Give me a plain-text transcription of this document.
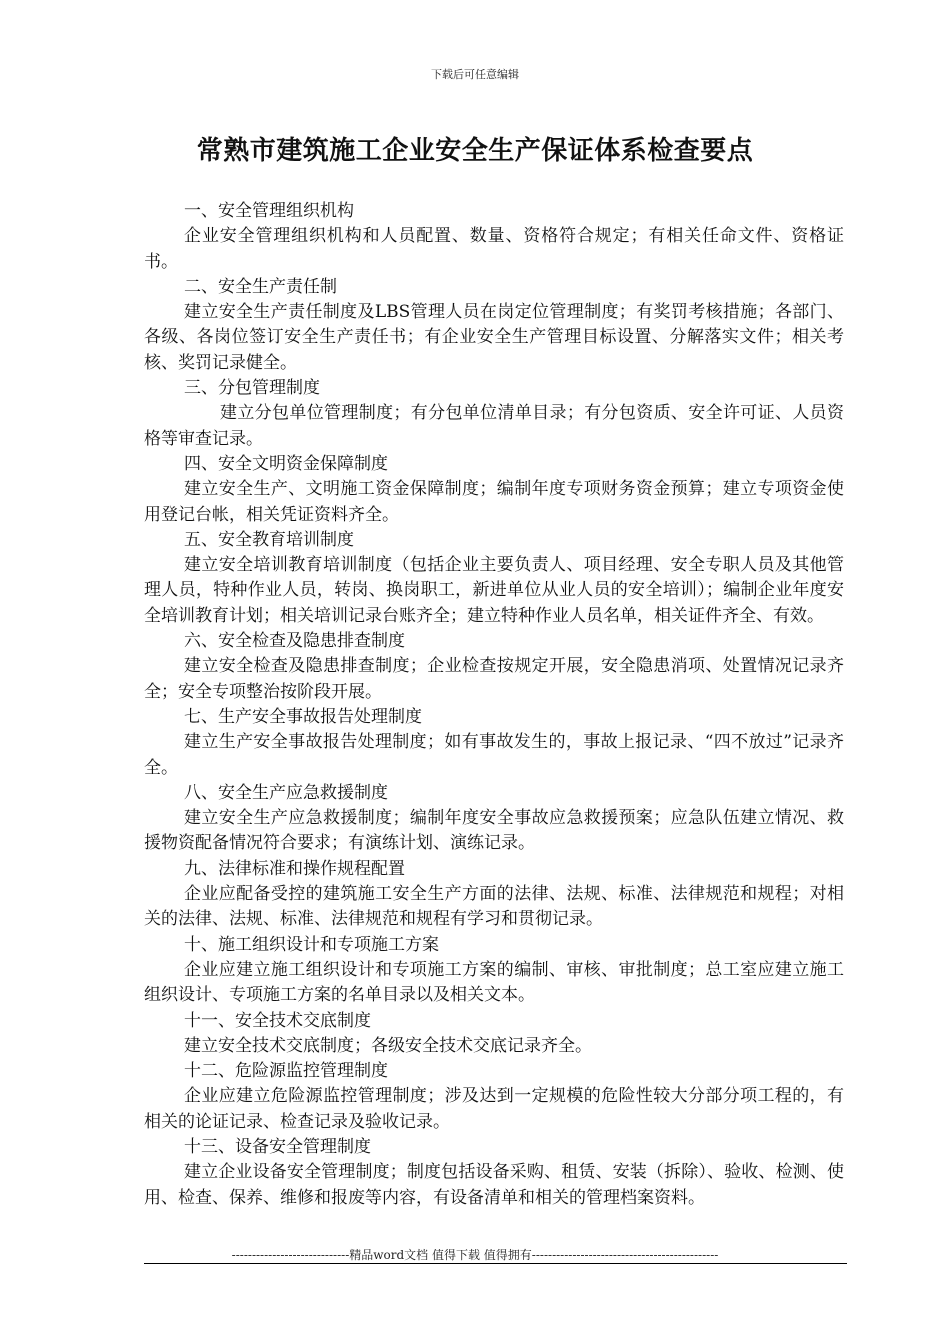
下载后可任意编辑
常熟市建筑施工企业安全生产保证体系检查要点

一、安全管理组织机构

企业安全管理组织机构和人员配置、数量、资格符合规定；有相关任命文件、资格证书。

二、安全生产责任制

建立安全生产责任制度及LBS管理人员在岗定位管理制度；有奖罚考核措施；各部门、各级、各岗位签订安全生产责任书；有企业安全生产管理目标设置、分解落实文件；相关考核、奖罚记录健全。

三、分包管理制度

建立分包单位管理制度；有分包单位清单目录；有分包资质、安全许可证、人员资格等审查记录。

四、安全文明资金保障制度

建立安全生产、文明施工资金保障制度；编制年度专项财务资金预算；建立专项资金使用登记台帐，相关凭证资料齐全。

五、安全教育培训制度

建立安全培训教育培训制度（包括企业主要负责人、项目经理、安全专职人员及其他管理人员，特种作业人员，转岗、换岗职工，新进单位从业人员的安全培训）；编制企业年度安全培训教育计划；相关培训记录台账齐全；建立特种作业人员名单，相关证件齐全、有效。

六、安全检查及隐患排查制度

建立安全检查及隐患排查制度；企业检查按规定开展，安全隐患消项、处置情况记录齐全；安全专项整治按阶段开展。

七、生产安全事故报告处理制度

建立生产安全事故报告处理制度；如有事故发生的，事故上报记录、“四不放过”记录齐全。

八、安全生产应急救援制度

建立安全生产应急救援制度；编制年度安全事故应急救援预案；应急队伍建立情况、救援物资配备情况符合要求；有演练计划、演练记录。

九、法律标准和操作规程配置

企业应配备受控的建筑施工安全生产方面的法律、法规、标准、法律规范和规程；对相关的法律、法规、标准、法律规范和规程有学习和贯彻记录。

十、施工组织设计和专项施工方案

企业应建立施工组织设计和专项施工方案的编制、审核、审批制度；总工室应建立施工组织设计、专项施工方案的名单目录以及相关文本。

十一、安全技术交底制度

建立安全技术交底制度；各级安全技术交底记录齐全。

十二、危险源监控管理制度

企业应建立危险源监控管理制度；涉及达到一定规模的危险性较大分部分项工程的，有相关的论证记录、检查记录及验收记录。

十三、设备安全管理制度

建立企业设备安全管理制度；制度包括设备采购、租赁、安装（拆除）、验收、检测、使用、检查、保养、维修和报废等内容，有设备清单和相关的管理档案资料。

-----------------------------精品word文档 值得下载 值得拥有----------------------------------------------
